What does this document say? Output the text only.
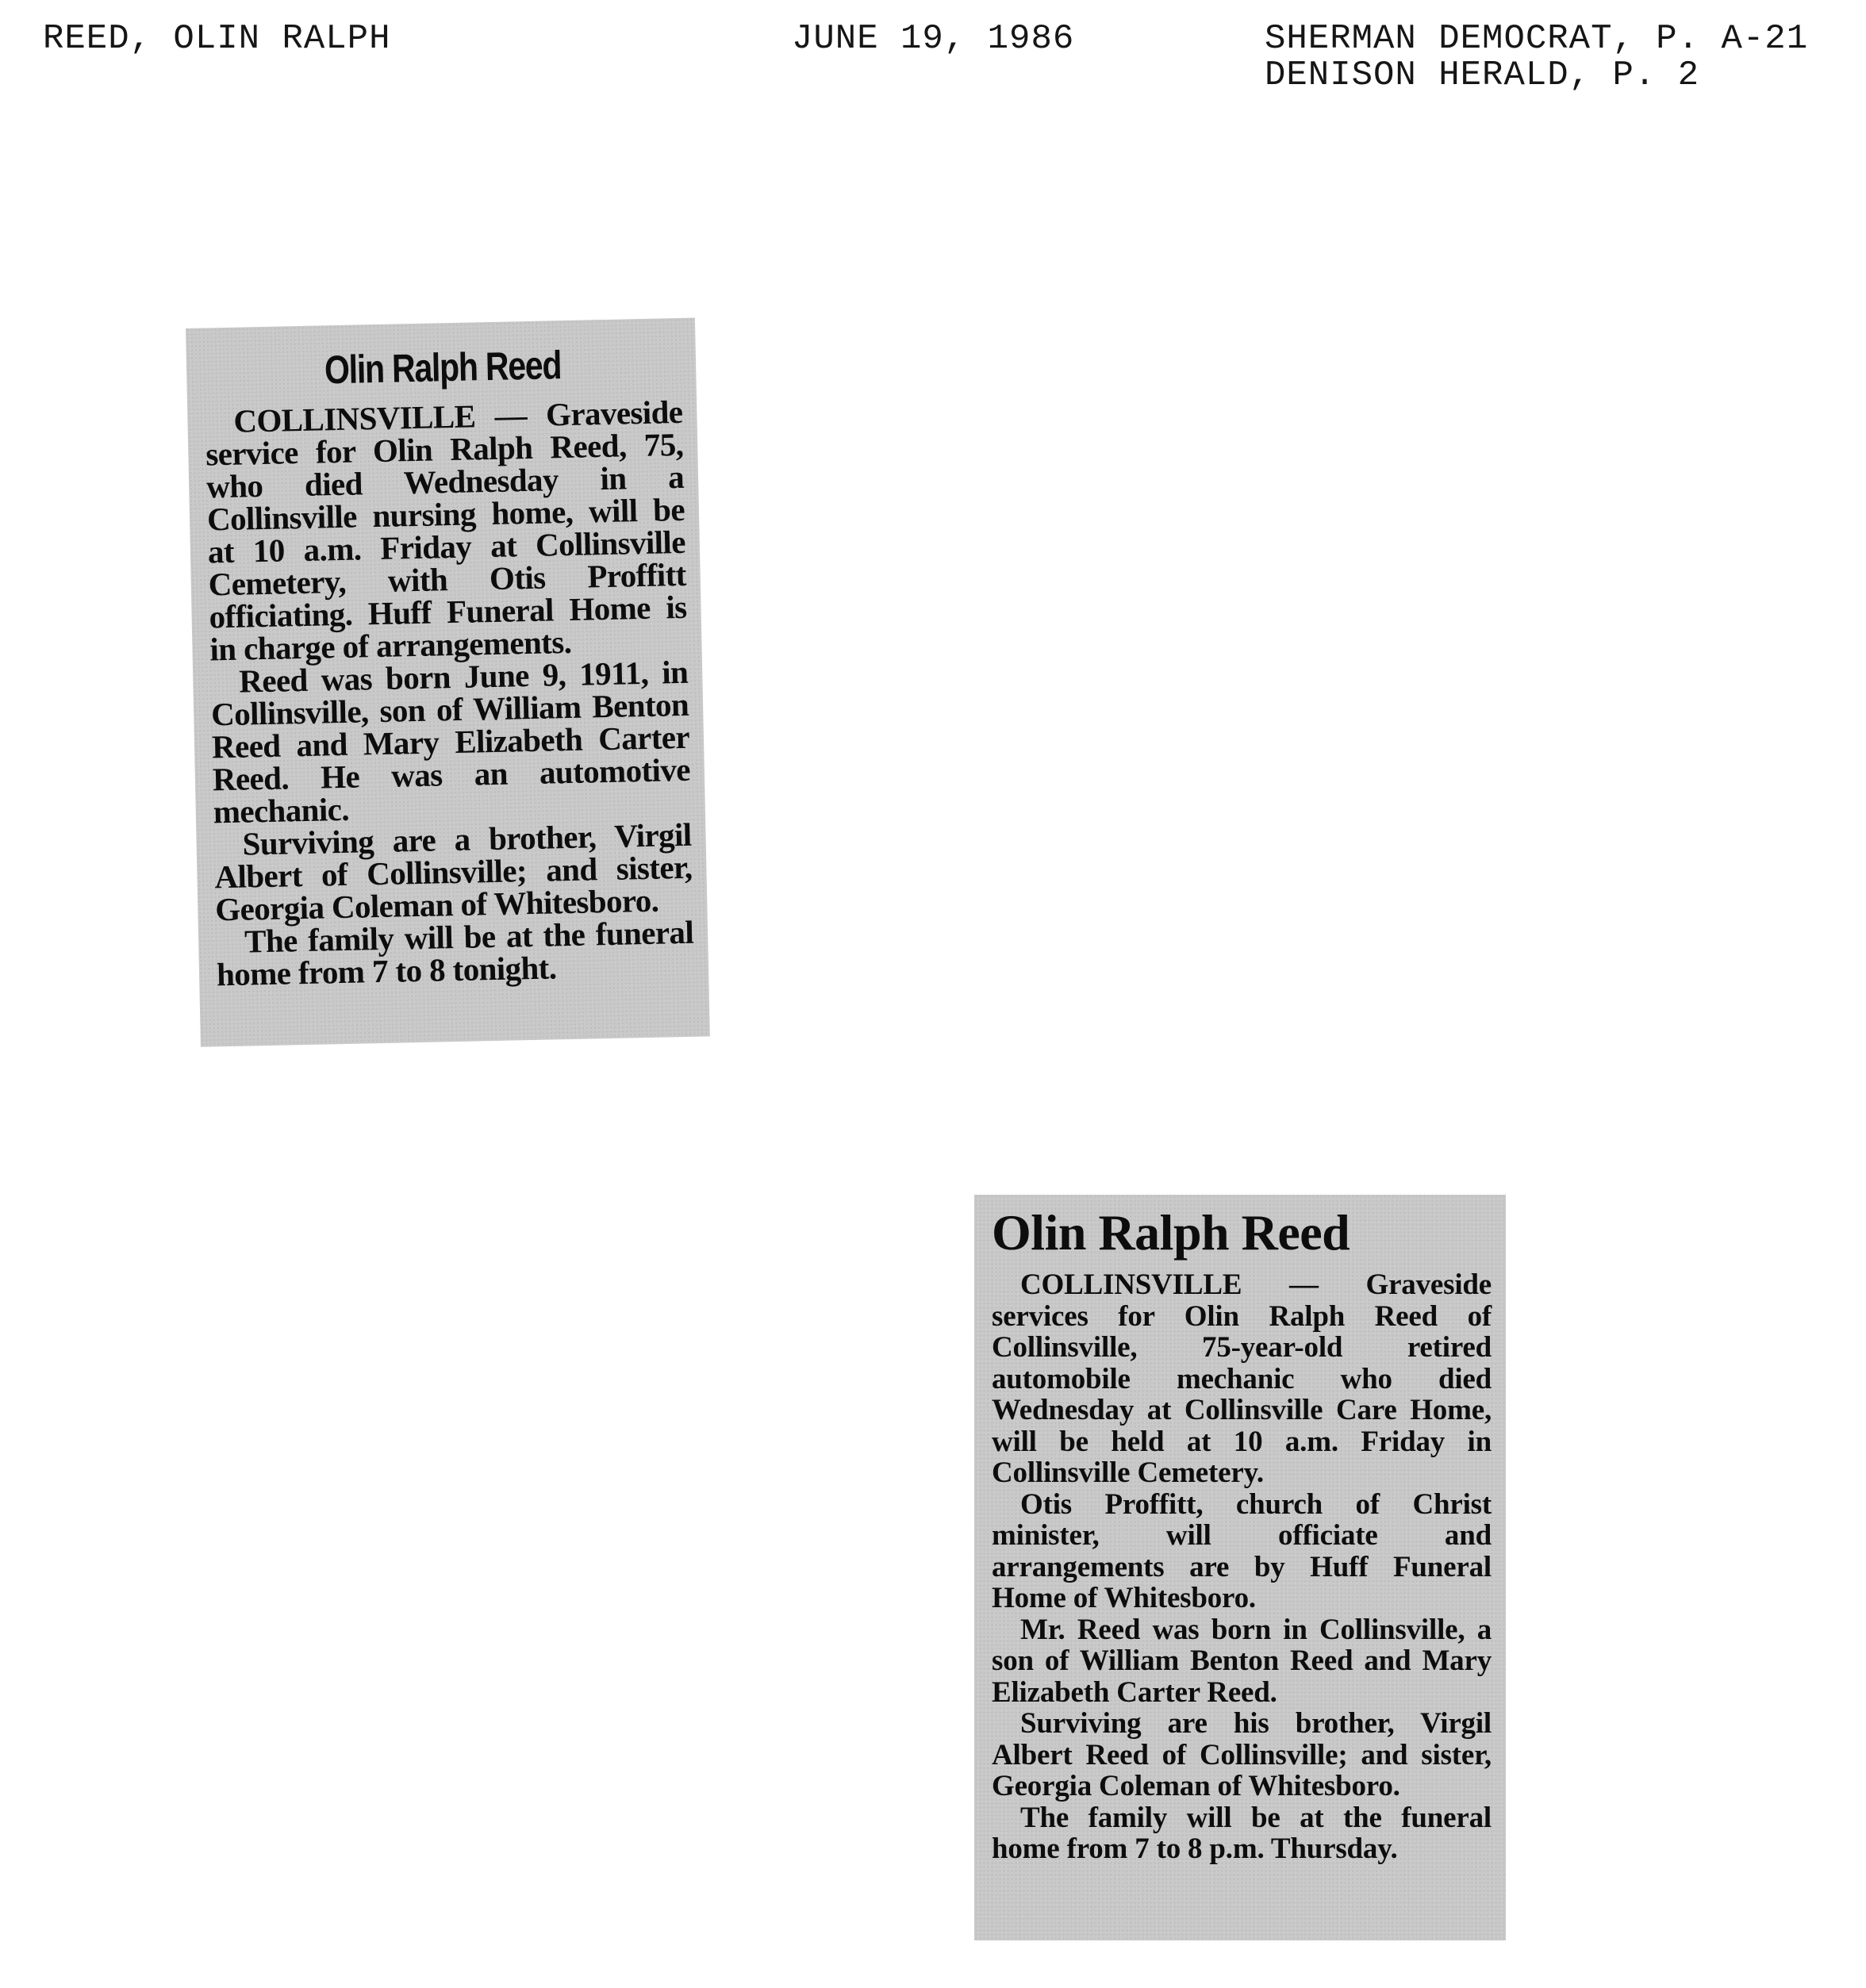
REED, OLIN RALPH	JUNE 19, 1986	SHERMAN DEMOCRAT, P. A-21
DENISON HERALD, P. 2
Olin Ralph Reed

COLLINSVILLE — Graveside service for Olin Ralph Reed, 75, who died Wednesday in a Collinsville nursing home, will be at 10 a.m. Friday at Collinsville Cemetery, with Otis Proffitt officiating. Huff Funeral Home is in charge of arrangements.

Reed was born June 9, 1911, in Collinsville, son of William Benton Reed and Mary Elizabeth Carter Reed. He was an automotive mechanic.

Surviving are a brother, Virgil Albert of Collinsville; and sister, Georgia Coleman of Whitesboro.

The family will be at the funeral home from 7 to 8 tonight.

Olin Ralph Reed

COLLINSVILLE — Graveside services for Olin Ralph Reed of Collinsville, 75-year-old retired automobile mechanic who died Wednesday at Collinsville Care Home, will be held at 10 a.m. Friday in Collinsville Cemetery.

Otis Proffitt, church of Christ minister, will officiate and arrangements are by Huff Funeral Home of Whitesboro.

Mr. Reed was born in Collinsville, a son of William Benton Reed and Mary Elizabeth Carter Reed.

Surviving are his brother, Virgil Albert Reed of Collinsville; and sister, Georgia Coleman of Whitesboro.

The family will be at the funeral home from 7 to 8 p.m. Thursday.
